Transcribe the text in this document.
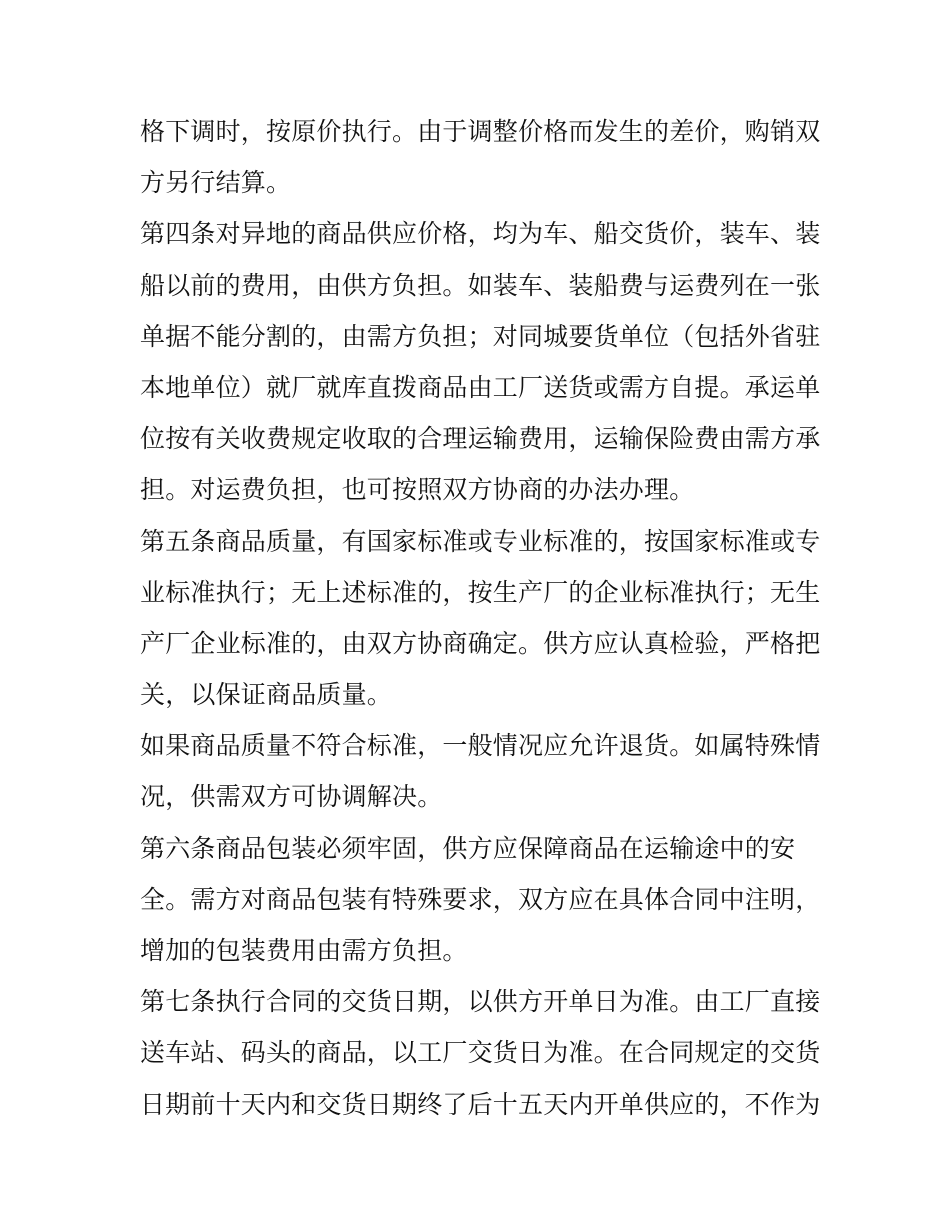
格下调时，按原价执行。由于调整价格而发生的差价，购销双
方另行结算。
第四条对异地的商品供应价格，均为车、船交货价，装车、装
船以前的费用，由供方负担。如装车、装船费与运费列在一张
单据不能分割的，由需方负担；对同城要货单位（包括外省驻
本地单位）就厂就库直拨商品由工厂送货或需方自提。承运单
位按有关收费规定收取的合理运输费用，运输保险费由需方承
担。对运费负担，也可按照双方协商的办法办理。
第五条商品质量，有国家标准或专业标准的，按国家标准或专
业标准执行；无上述标准的，按生产厂的企业标准执行；无生
产厂企业标准的，由双方协商确定。供方应认真检验，严格把
关，以保证商品质量。
如果商品质量不符合标准，一般情况应允许退货。如属特殊情
况，供需双方可协调解决。
第六条商品包装必须牢固，供方应保障商品在运输途中的安
全。需方对商品包装有特殊要求，双方应在具体合同中注明，
增加的包装费用由需方负担。
第七条执行合同的交货日期，以供方开单日为准。由工厂直接
送车站、码头的商品，以工厂交货日为准。在合同规定的交货
日期前十天内和交货日期终了后十五天内开单供应的，不作为
